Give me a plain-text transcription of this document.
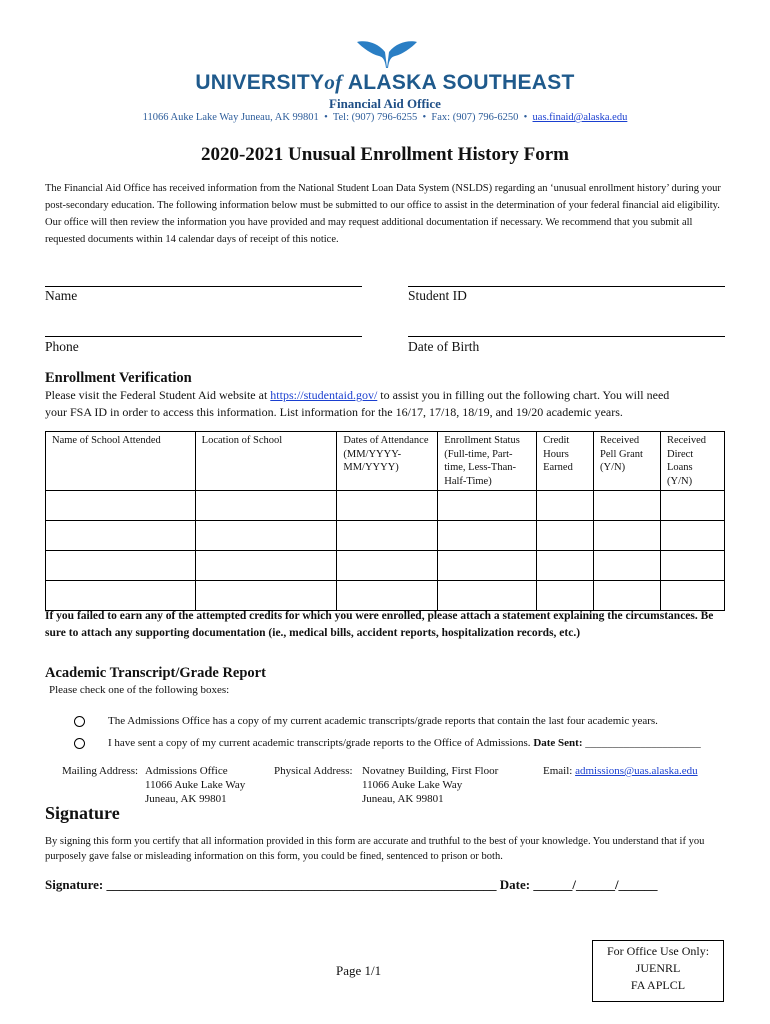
UNIVERSITYof ALASKA SOUTHEAST
Financial Aid Office
11066 Auke Lake Way Juneau, AK 99801 • Tel: (907) 796-6255 • Fax: (907) 796-6250 • uas.finaid@alaska.edu
2020-2021 Unusual Enrollment History Form

The Financial Aid Office has received information from the National Student Loan Data System (NSLDS) regarding an ‘unusual enrollment history’ during your post-secondary education. The following information below must be submitted to our office to assist in the determination of your federal financial aid eligibility. Our office will then review the information you have provided and may request additional documentation if necessary. We recommend that you submit all requested documents within 14 calendar days of receipt of this notice.

Name	Student ID
Phone	Date of Birth
Enrollment Verification
Please visit the Federal Student Aid website at https://studentaid.gov/ to assist you in filling out the following chart. You will need
your FSA ID in order to access this information. List information for the 16/17, 17/18, 18/19, and 19/20 academic years.
Name of School Attended	Location of School	Dates of Attendance (MM/YYYY-MM/YYYY)	Enrollment Status (Full-time, Part-time, Less-Than-Half-Time)	Credit Hours Earned	Received Pell Grant (Y/N)	Received Direct Loans (Y/N)

If you failed to earn any of the attempted credits for which you were enrolled, please attach a statement explaining the circumstances. Be sure to attach any supporting documentation (ie., medical bills, accident reports, hospitalization records, etc.)

Academic Transcript/Grade Report
Please check one of the following boxes:
The Admissions Office has a copy of my current academic transcripts/grade reports that contain the last four academic years.
I have sent a copy of my current academic transcripts/grade reports to the Office of Admissions. Date Sent: _____________________
Mailing Address: Admissions Office
11066 Auke Lake Way
Juneau, AK 99801
Physical Address: Novatney Building, First Floor
11066 Auke Lake Way
Juneau, AK 99801
Email: admissions@uas.alaska.edu
Signature

By signing this form you certify that all information provided in this form are accurate and truthful to the best of your knowledge. You understand that if you purposely gave false or misleading information on this form, you could be fined, sentenced to prison or both.

Signature: ____________________________________________________________ Date: ______/______/______
Page 1/1
For Office Use Only:
JUENRL
FA APLCL
